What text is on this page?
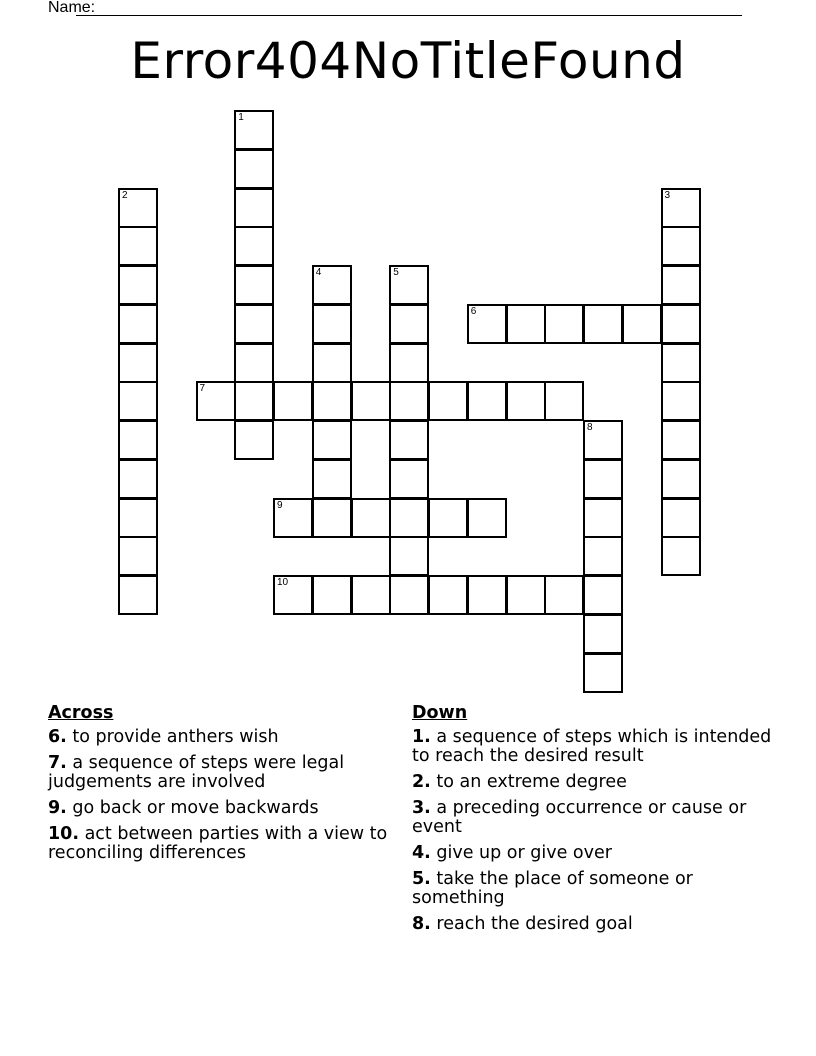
Name:
Error404NoTitleFound
1
2	3
4	5
6
7
8
9
10
Across
6. to provide anthers wish
7. a sequence of steps were legal judgements are involved
9. go back or move backwards
10. act between parties with a view to reconciling differences
Down
1. a sequence of steps which is intended to reach the desired result
2. to an extreme degree
3. a preceding occurrence or cause or event
4. give up or give over
5. take the place of someone or something
8. reach the desired goal
